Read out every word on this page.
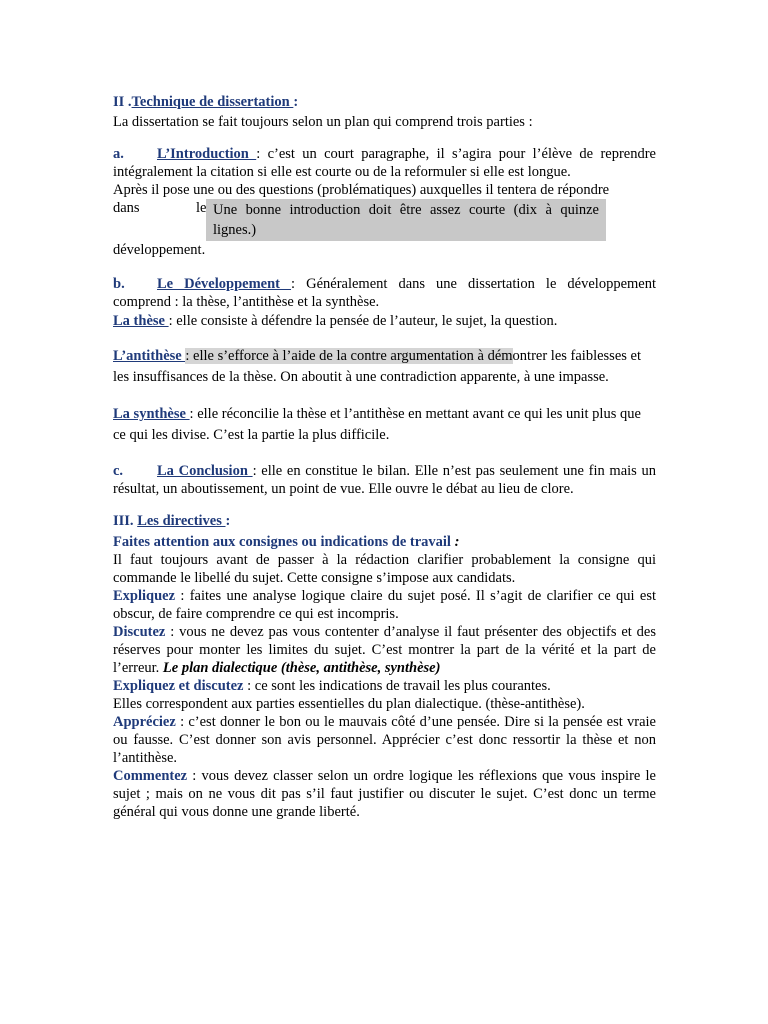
II .Technique de dissertation :

La dissertation se fait toujours selon un plan qui comprend trois parties :

a. L’Introduction : c’est un court paragraphe, il s’agira pour l’élève de reprendre intégralement la citation si elle est courte ou de la reformuler si elle est longue.

Après il pose une ou des questions (problématiques) auxquelles il tentera de répondre

dans	le Une bonne introduction doit être assez courte (dix à quinze lignes.)

développement.

b. Le Développement : Généralement dans une dissertation le développement comprend : la thèse, l’antithèse et la synthèse.

La thèse : elle consiste à défendre la pensée de l’auteur, le sujet, la question.

L’antithèse : elle s’efforce à l’aide de la contre argumentation à démontrer les faiblesses et les insuffisances de la thèse. On aboutit à une contradiction apparente, à une impasse.

La synthèse : elle réconcilie la thèse et l’antithèse en mettant avant ce qui les unit plus que ce qui les divise. C’est la partie la plus difficile.

c. La Conclusion : elle en constitue le bilan. Elle n’est pas seulement une fin mais un résultat, un aboutissement, un point de vue. Elle ouvre le débat au lieu de clore.

III. Les directives :

Faites attention aux consignes ou indications de travail :

Il faut toujours avant de passer à la rédaction clarifier probablement la consigne qui commande le libellé du sujet. Cette consigne s’impose aux candidats.

Expliquez : faites une analyse logique claire du sujet posé. Il s’agit de clarifier ce qui est obscur, de faire comprendre ce qui est incompris.

Discutez : vous ne devez pas vous contenter d’analyse il faut présenter des objectifs et des réserves pour monter les limites du sujet. C’est montrer la part de la vérité et la part de l’erreur. Le plan dialectique (thèse, antithèse, synthèse)

Expliquez et discutez : ce sont les indications de travail les plus courantes.

Elles correspondent aux parties essentielles du plan dialectique. (thèse-antithèse).

Appréciez : c’est donner le bon ou le mauvais côté d’une pensée. Dire si la pensée est vraie ou fausse. C’est donner son avis personnel. Apprécier c’est donc ressortir la thèse et non l’antithèse.

Commentez : vous devez classer selon un ordre logique les réflexions que vous inspire le sujet ; mais on ne vous dit pas s’il faut justifier ou discuter le sujet. C’est donc un terme général qui vous donne une grande liberté.
